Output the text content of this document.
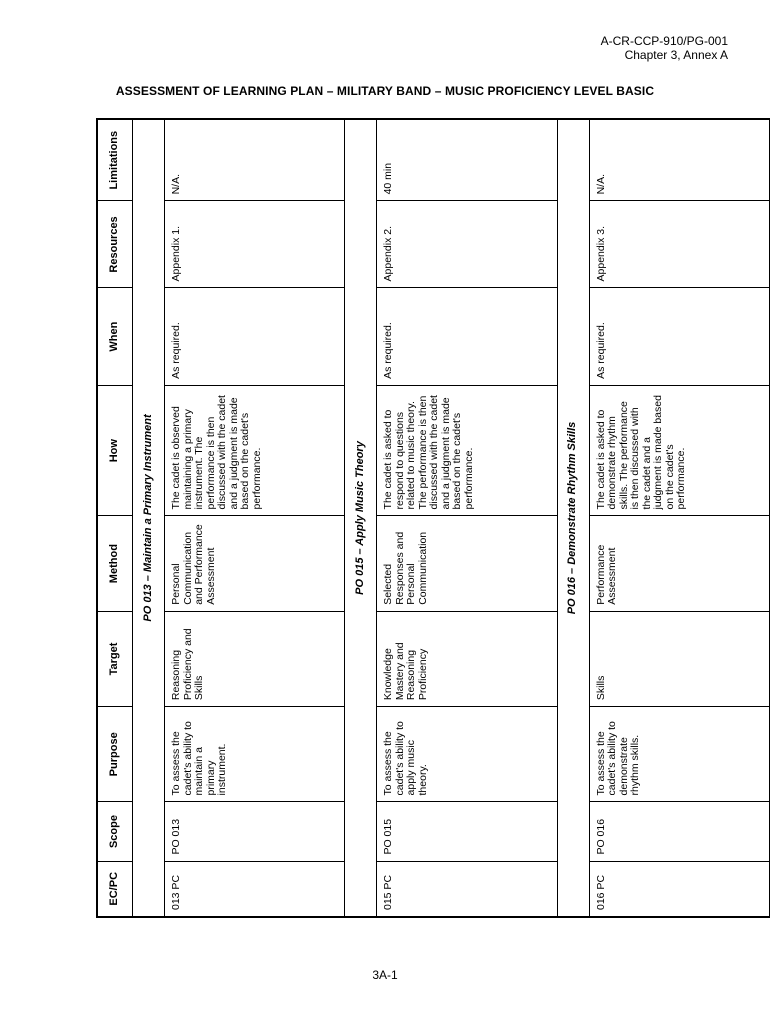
A-CR-CCP-910/PG-001
Chapter 3, Annex A
ASSESSMENT OF LEARNING PLAN – MILITARY BAND – MUSIC PROFICIENCY LEVEL BASIC
EC/PC	Scope	Purpose	Target	Method	How	When	Resources	Limitations
PO 013 – Maintain a Primary Instrument								
013 PC	PO 013	To assess the cadet's ability to maintain a primary instrument.	Reasoning Proficiency and Skills	Personal Communication and Performance Assessment	The cadet is observed maintaining a primary instrument. The performance is then discussed with the cadet and a judgment is made based on the cadet's performance.	As required.	Appendix 1.	N/A.
PO 015 – Apply Music Theory								
015 PC	PO 015	To assess the cadet's ability to apply music theory.	Knowledge Mastery and Reasoning Proficiency	Selected Responses and Personal Communication	The cadet is asked to respond to questions related to music theory. The performance is then discussed with the cadet and a judgment is made based on the cadet's performance.	As required.	Appendix 2.	40 min
PO 016 – Demonstrate Rhythm Skills								
016 PC	PO 016	To assess the cadet's ability to demonstrate rhythm skills.	Skills	Performance Assessment	The cadet is asked to demonstrate rhythm skills. The performance is then discussed with the cadet and a judgment is made based on the cadet's performance.	As required.	Appendix 3.	N/A.
3A-1
